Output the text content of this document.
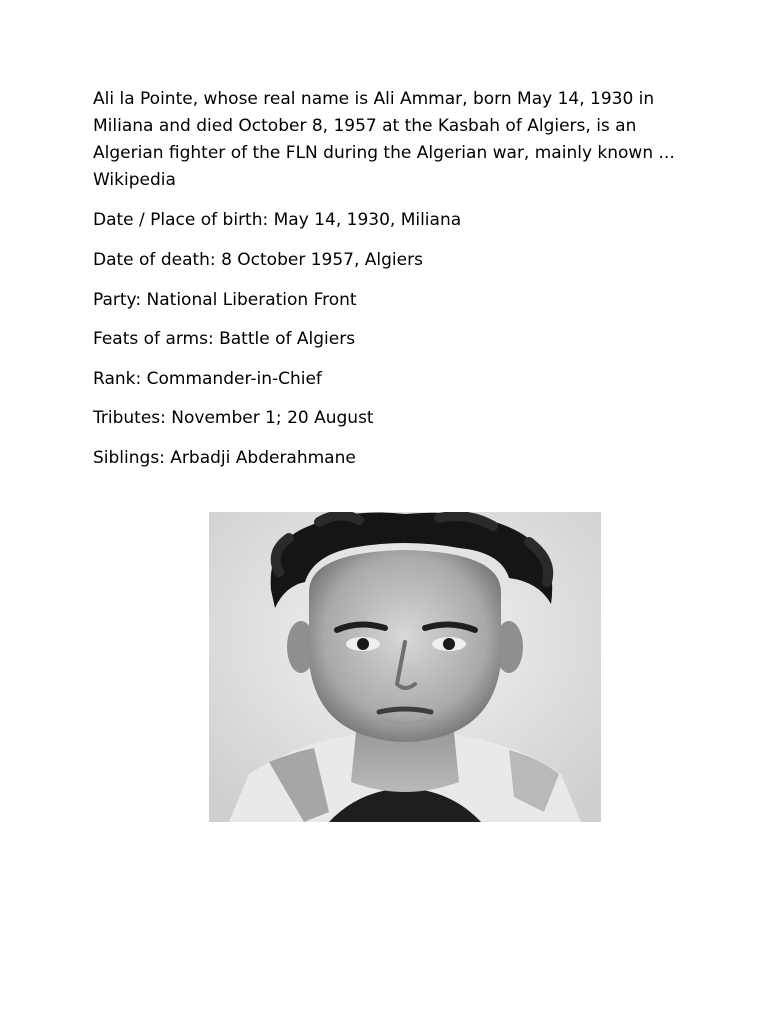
Ali la Pointe, whose real name is Ali Ammar, born May 14, 1930 in
Miliana and died October 8, 1957 at the Kasbah of Algiers, is an
Algerian fighter of the FLN during the Algerian war, mainly known ...
Wikipedia

Date / Place of birth: May 14, 1930, Miliana

Date of death: 8 October 1957, Algiers

Party: National Liberation Front

Feats of arms: Battle of Algiers

Rank: Commander-in-Chief

Tributes: November 1; 20 August

Siblings: Arbadji Abderahmane
